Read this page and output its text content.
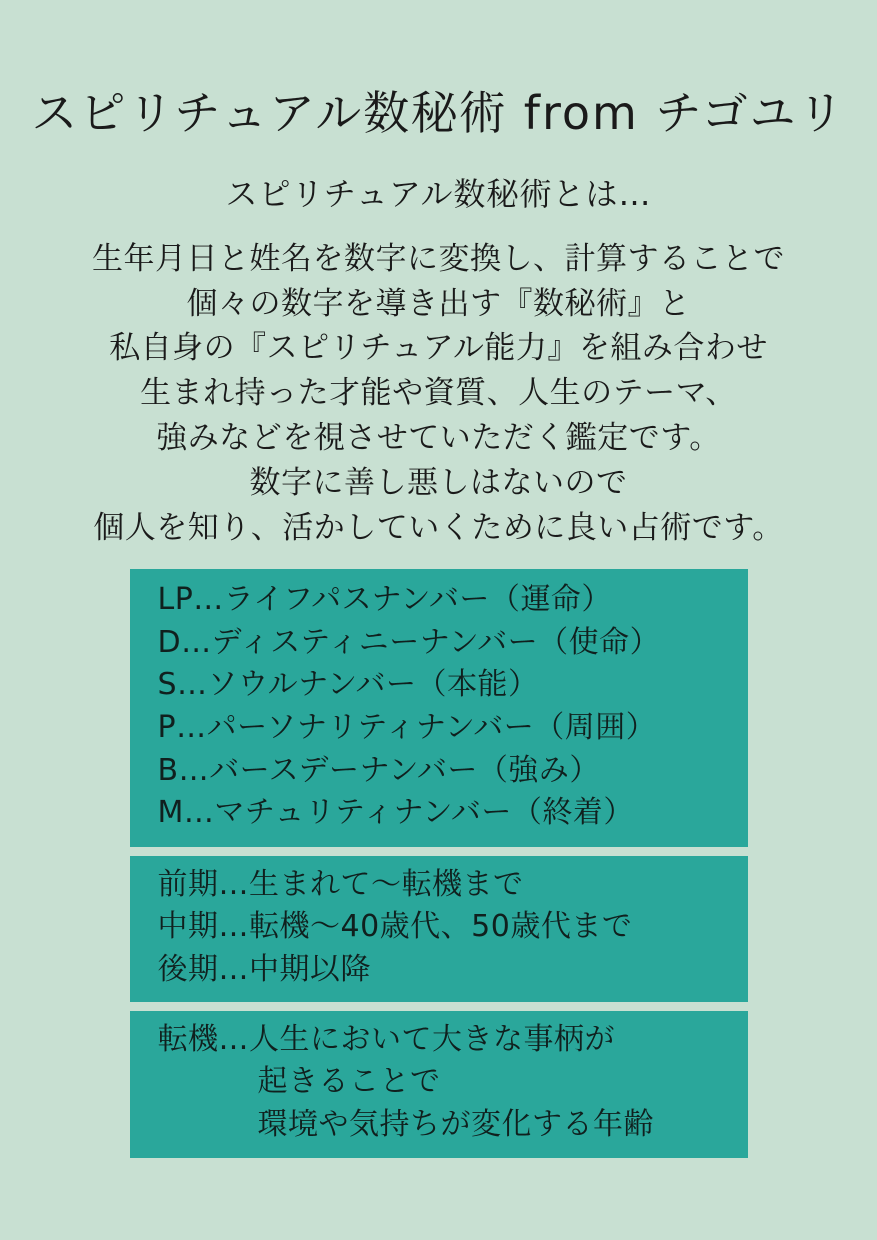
スピリチュアル数秘術 from チゴユリ
スピリチュアル数秘術とは…
生年月日と姓名を数字に変換し、計算することで
個々の数字を導き出す『数秘術』と
私自身の『スピリチュアル能力』を組み合わせ
生まれ持った才能や資質、人生のテーマ、
強みなどを視させていただく鑑定です。
数字に善し悪しはないので
個人を知り、活かしていくために良い占術です。
LP…ライフパスナンバー（運命）
D…ディスティニーナンバー（使命）
S…ソウルナンバー（本能）
P…パーソナリティナンバー（周囲）
B…バースデーナンバー（強み）
M…マチュリティナンバー（終着）
前期…生まれて〜転機まで
中期…転機〜40歳代、50歳代まで
後期…中期以降
転機…人生において大きな事柄が
起きることで
環境や気持ちが変化する年齢
